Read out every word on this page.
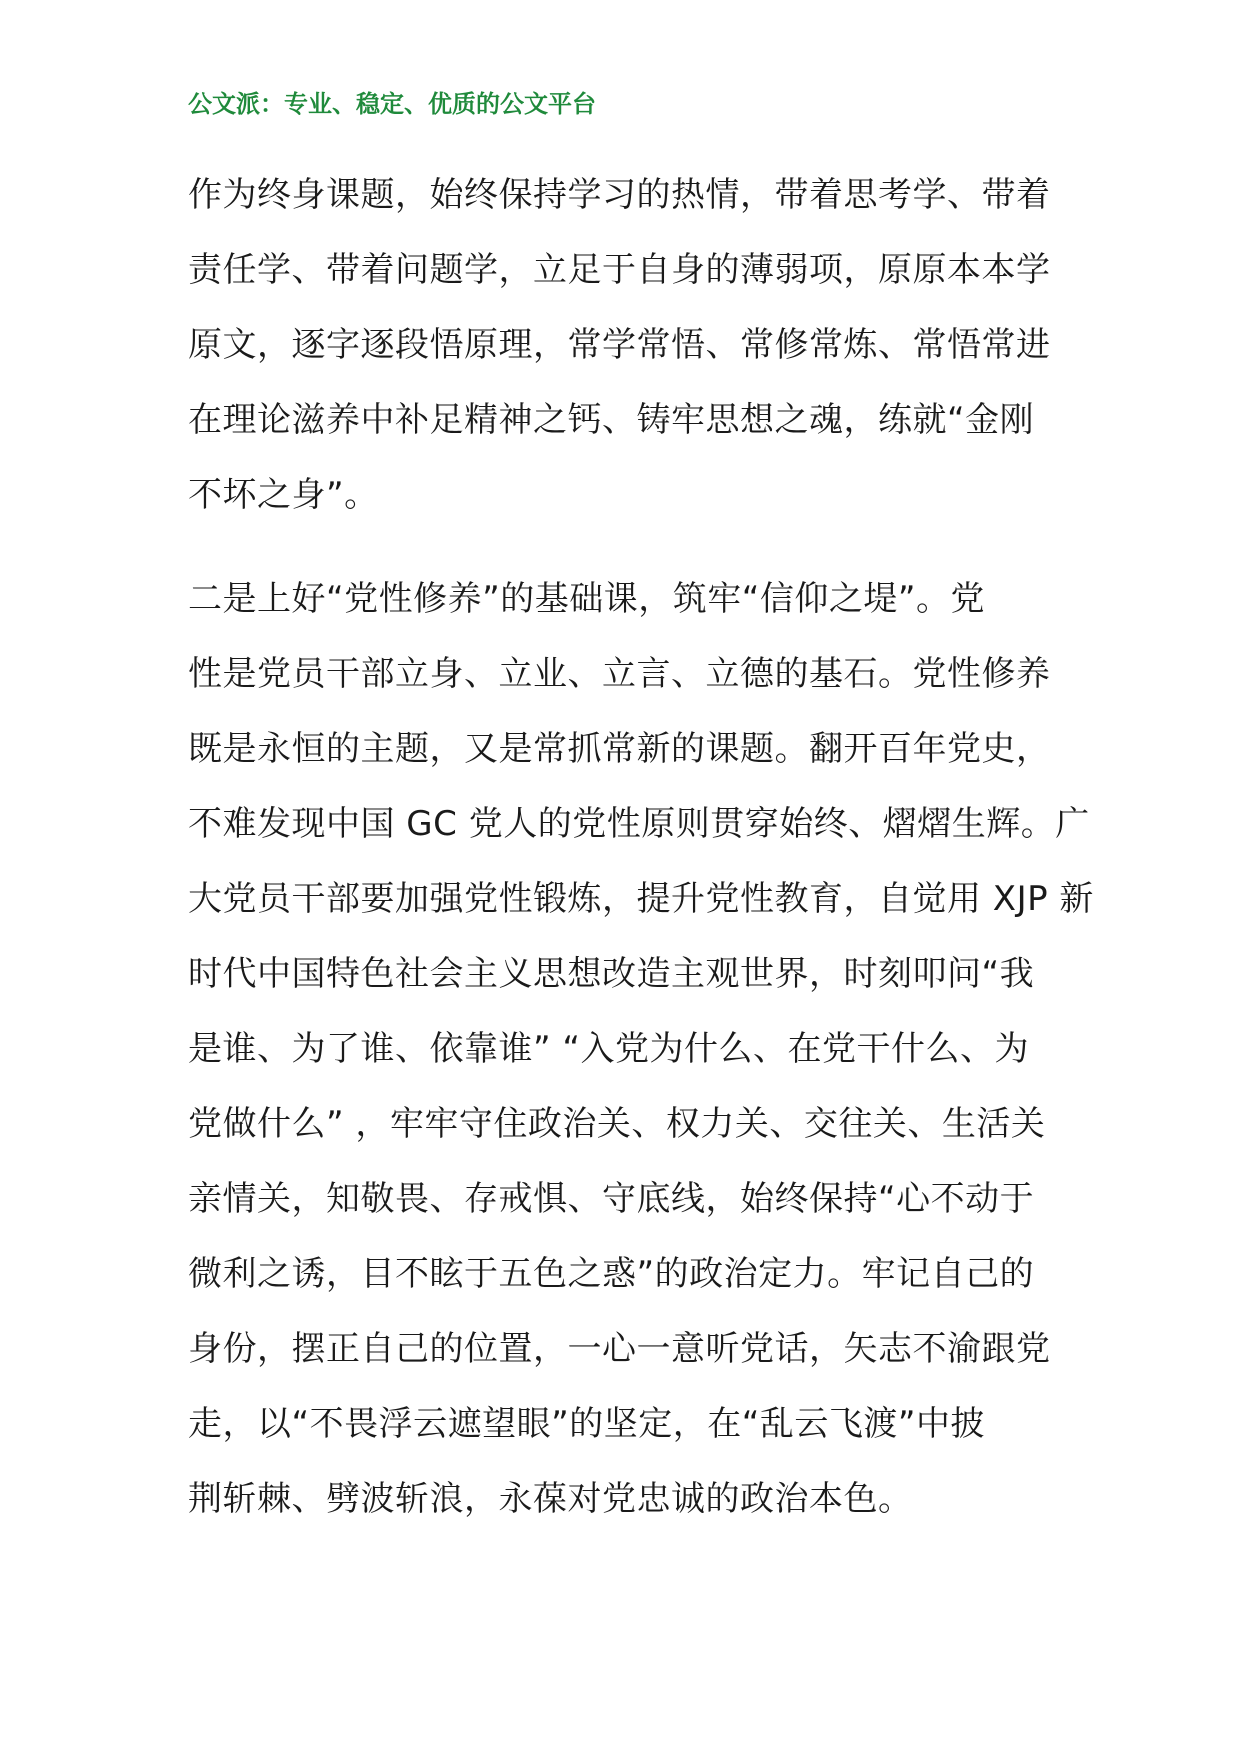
公文派：专业、稳定、优质的公文平台
作为终身课题，始终保持学习的热情，带着思考学、带着
责任学、带着问题学，立足于自身的薄弱项，原原本本学
原文，逐字逐段悟原理，常学常悟、常修常炼、常悟常进
在理论滋养中补足精神之钙、铸牢思想之魂，练就“金刚
不坏之身”。
二是上好“党性修养”的基础课，筑牢“信仰之堤”。党
性是党员干部立身、立业、立言、立德的基石。党性修养
既是永恒的主题，又是常抓常新的课题。翻开百年党史，
不难发现中国 GC 党人的党性原则贯穿始终、熠熠生辉。广
大党员干部要加强党性锻炼，提升党性教育，自觉用 XJP 新
时代中国特色社会主义思想改造主观世界，时刻叩问“我
是谁、为了谁、依靠谁” “入党为什么、在党干什么、为
党做什么” ，牢牢守住政治关、权力关、交往关、生活关
亲情关，知敬畏、存戒惧、守底线，始终保持“心不动于
微利之诱，目不眩于五色之惑”的政治定力。牢记自己的
身份，摆正自己的位置，一心一意听党话，矢志不渝跟党
走，以“不畏浮云遮望眼”的坚定，在“乱云飞渡”中披
荆斩棘、劈波斩浪，永葆对党忠诚的政治本色。
